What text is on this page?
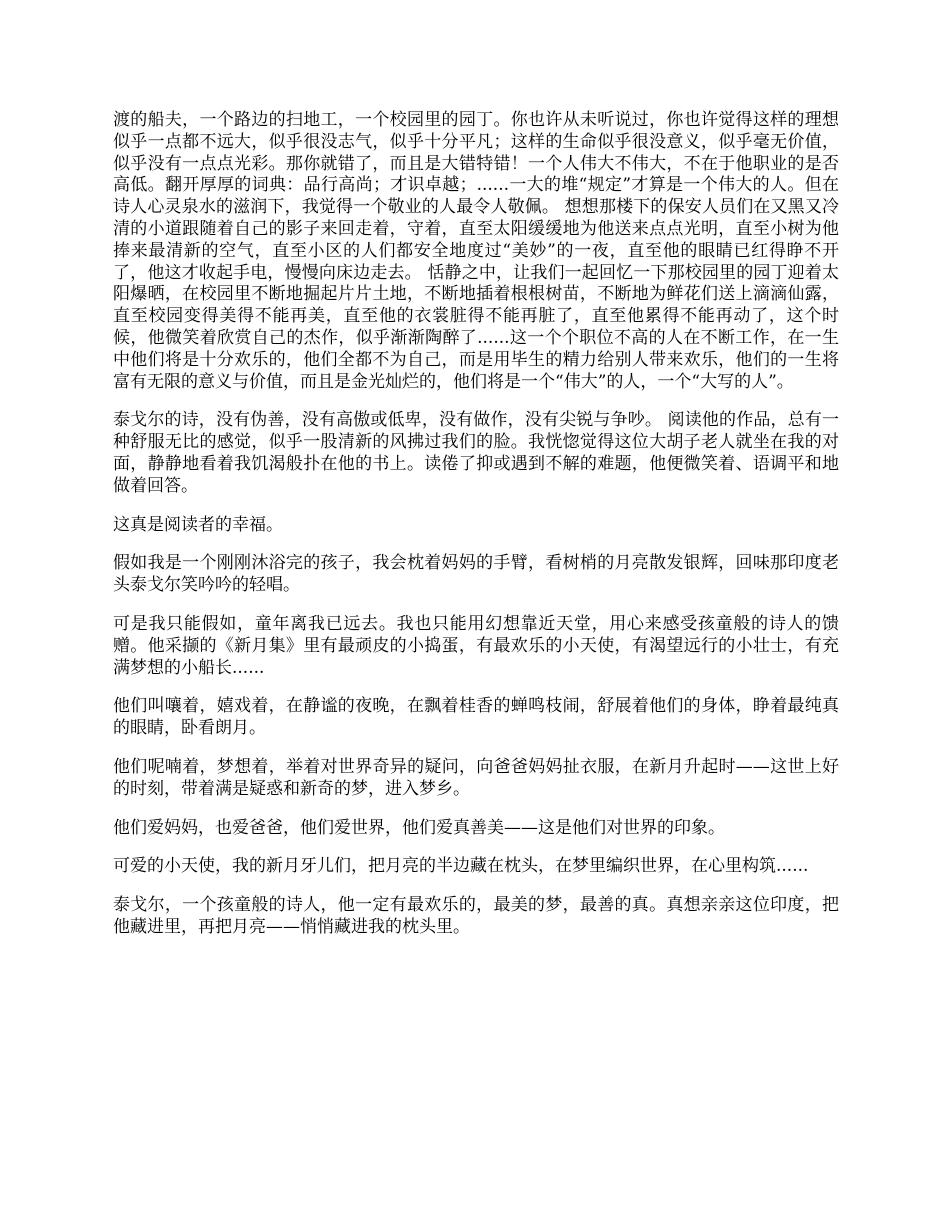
渡的船夫，一个路边的扫地工，一个校园里的园丁。你也许从未听说过，你也许觉得这样的理想似乎一点都不远大，似乎很没志气，似乎十分平凡；这样的生命似乎很没意义，似乎毫无价值，似乎没有一点点光彩。那你就错了，而且是大错特错！一个人伟大不伟大，不在于他职业的是否高低。翻开厚厚的词典：品行高尚；才识卓越；......一大的堆“规定”才算是一个伟大的人。但在诗人心灵泉水的滋润下，我觉得一个敬业的人最令人敬佩。 想想那楼下的保安人员们在又黑又冷清的小道跟随着自己的影子来回走着，守着，直至太阳缓缓地为他送来点点光明，直至小树为他捧来最清新的空气，直至小区的人们都安全地度过“美妙”的一夜，直至他的眼睛已红得睁不开了，他这才收起手电，慢慢向床边走去。 恬静之中，让我们一起回忆一下那校园里的园丁迎着太阳爆晒，在校园里不断地掘起片片土地，不断地插着根根树苗，不断地为鲜花们送上滴滴仙露，直至校园变得美得不能再美，直至他的衣裳脏得不能再脏了，直至他累得不能再动了，这个时候，他微笑着欣赏自己的杰作，似乎渐渐陶醉了......这一个个职位不高的人在不断工作，在一生中他们将是十分欢乐的，他们全都不为自己，而是用毕生的精力给别人带来欢乐，他们的一生将富有无限的意义与价值，而且是金光灿烂的，他们将是一个“伟大”的人，一个“大写的人”。

泰戈尔的诗，没有伪善，没有高傲或低卑，没有做作，没有尖锐与争吵。 阅读他的作品，总有一种舒服无比的感觉，似乎一股清新的风拂过我们的脸。我恍惚觉得这位大胡子老人就坐在我的对面，静静地看着我饥渴般扑在他的书上。读倦了抑或遇到不解的难题，他便微笑着、语调平和地做着回答。

这真是阅读者的幸福。

假如我是一个刚刚沐浴完的孩子，我会枕着妈妈的手臂，看树梢的月亮散发银辉，回味那印度老头泰戈尔笑吟吟的轻唱。

可是我只能假如，童年离我已远去。我也只能用幻想靠近天堂，用心来感受孩童般的诗人的馈赠。他采撷的《新月集》里有最顽皮的小捣蛋，有最欢乐的小天使，有渴望远行的小壮士，有充满梦想的小船长......

他们叫嚷着，嬉戏着，在静谧的夜晚，在飘着桂香的蝉鸣枝闹，舒展着他们的身体，睁着最纯真的眼睛，卧看朗月。

他们呢喃着，梦想着，举着对世界奇异的疑问，向爸爸妈妈扯衣服，在新月升起时——这世上好的时刻，带着满是疑惑和新奇的梦，进入梦乡。

他们爱妈妈，也爱爸爸，他们爱世界，他们爱真善美——这是他们对世界的印象。

可爱的小天使，我的新月牙儿们，把月亮的半边藏在枕头，在梦里编织世界，在心里构筑......

泰戈尔，一个孩童般的诗人，他一定有最欢乐的，最美的梦，最善的真。真想亲亲这位印度，把他藏进里，再把月亮——悄悄藏进我的枕头里。
